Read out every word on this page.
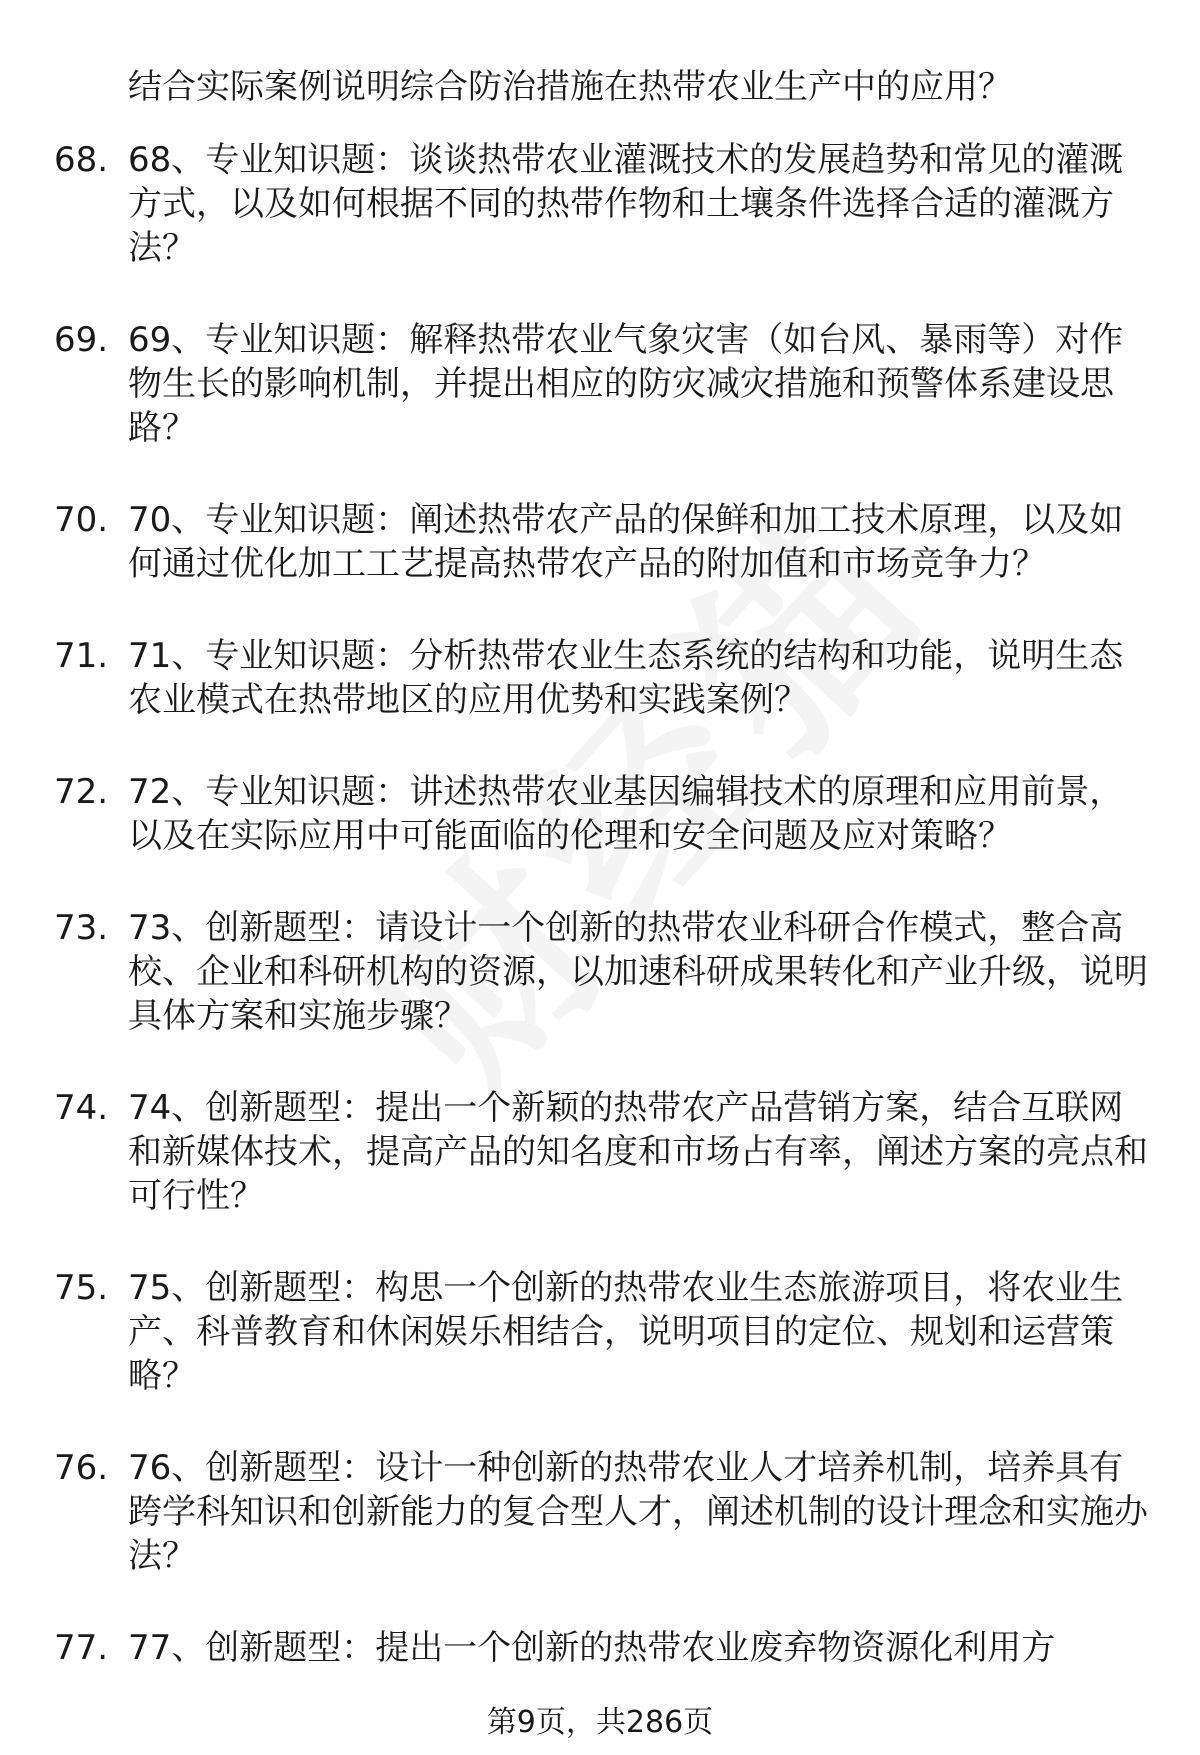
结合实际案例说明综合防治措施在热带农业生产中的应用？

68. 68、专业知识题：谈谈热带农业灌溉技术的发展趋势和常见的灌溉方式，以及如何根据不同的热带作物和土壤条件选择合适的灌溉方法？
69. 69、专业知识题：解释热带农业气象灾害（如台风、暴雨等）对作物生长的影响机制，并提出相应的防灾减灾措施和预警体系建设思路？
70. 70、专业知识题：阐述热带农产品的保鲜和加工技术原理，以及如何通过优化加工工艺提高热带农产品的附加值和市场竞争力？
71. 71、专业知识题：分析热带农业生态系统的结构和功能，说明生态农业模式在热带地区的应用优势和实践案例？
72. 72、专业知识题：讲述热带农业基因编辑技术的原理和应用前景，以及在实际应用中可能面临的伦理和安全问题及应对策略？
73. 73、创新题型：请设计一个创新的热带农业科研合作模式，整合高校、企业和科研机构的资源，以加速科研成果转化和产业升级，说明具体方案和实施步骤？
74. 74、创新题型：提出一个新颖的热带农产品营销方案，结合互联网和新媒体技术，提高产品的知名度和市场占有率，阐述方案的亮点和可行性？
75. 75、创新题型：构思一个创新的热带农业生态旅游项目，将农业生产、科普教育和休闲娱乐相结合，说明项目的定位、规划和运营策略？
76. 76、创新题型：设计一种创新的热带农业人才培养机制，培养具有跨学科知识和创新能力的复合型人才，阐述机制的设计理念和实施办法？
77. 77、创新题型：提出一个创新的热带农业废弃物资源化利用方
第9页，共286页
